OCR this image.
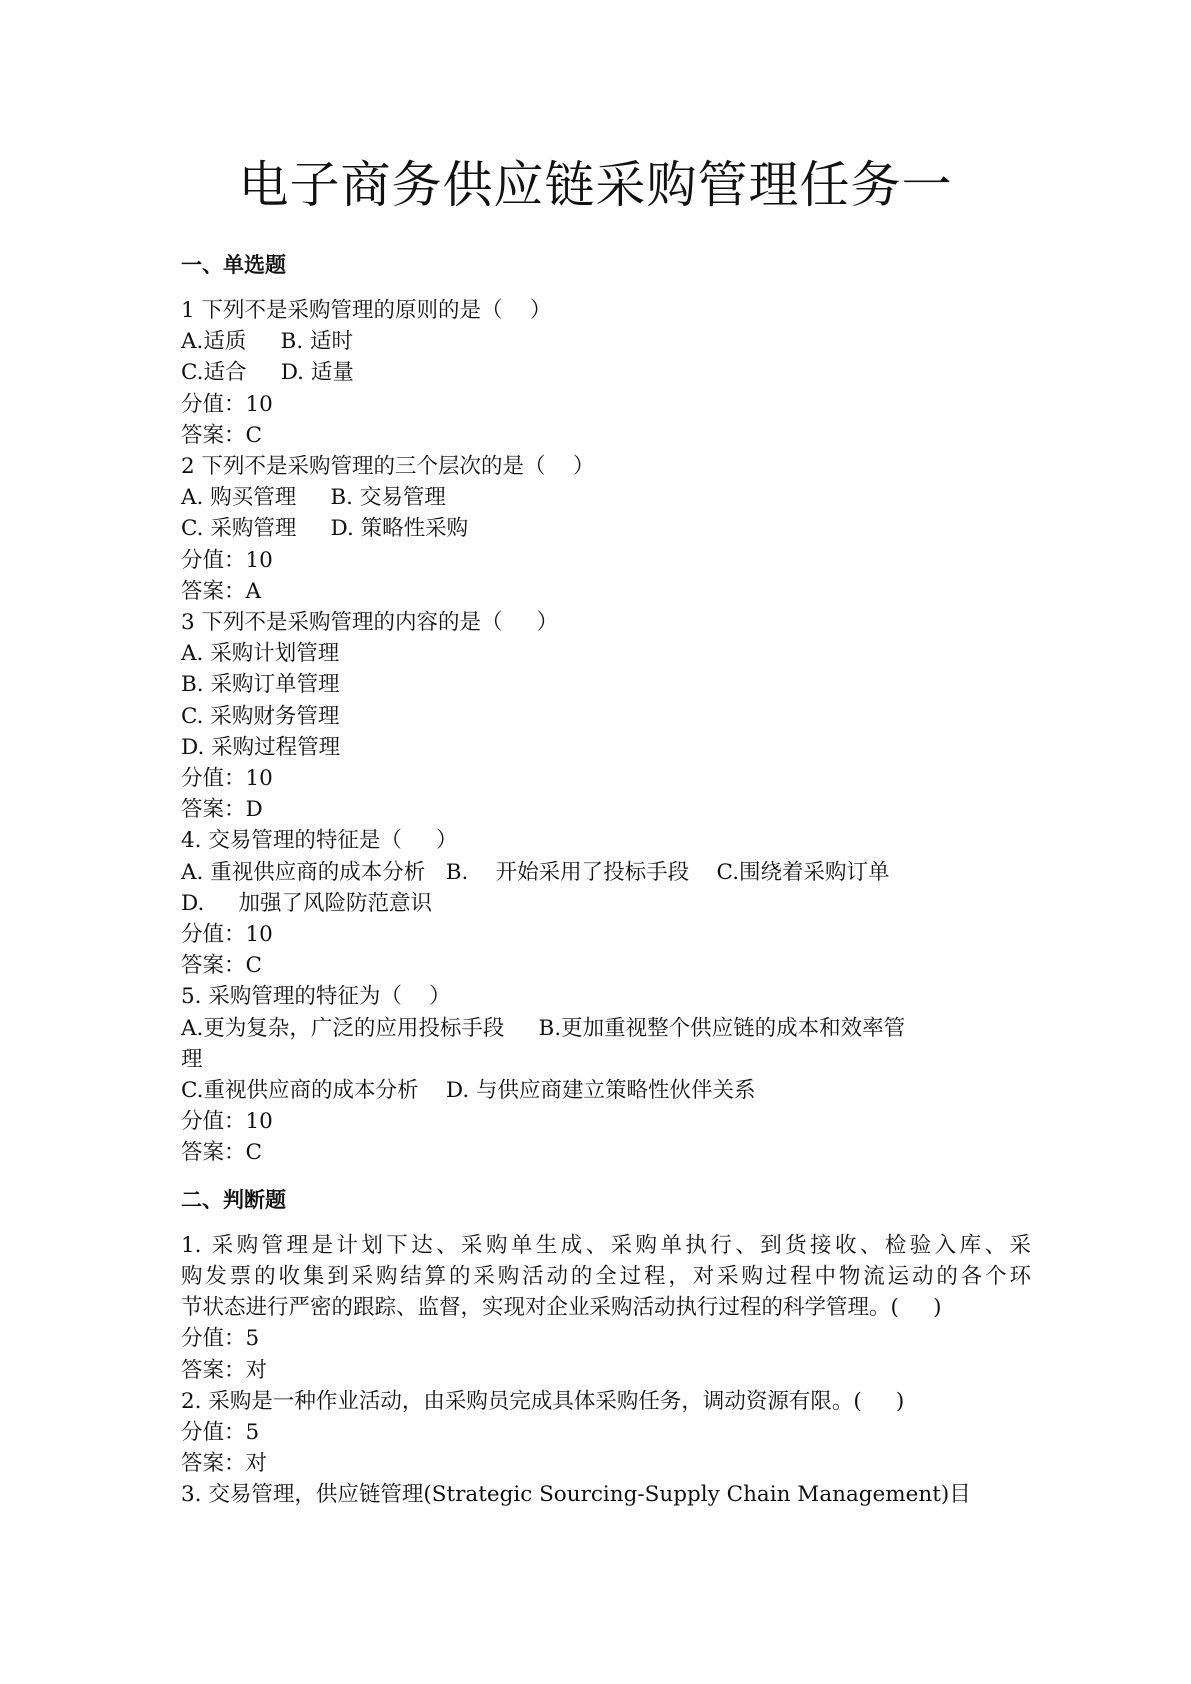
电子商务供应链采购管理任务一
一、单选题
1 下列不是采购管理的原则的是（    ）
A.适质     B. 适时
C.适合     D. 适量
分值：10
答案：C
2 下列不是采购管理的三个层次的是（    ）
A. 购买管理     B. 交易管理
C. 采购管理     D. 策略性采购
分值：10
答案：A
3 下列不是采购管理的内容的是（     ）
A. 采购计划管理
B. 采购订单管理
C. 采购财务管理
D. 采购过程管理
分值：10
答案：D
4. 交易管理的特征是（     ）
A. 重视供应商的成本分析   B.    开始采用了投标手段    C.围绕着采购订单
D.     加强了风险防范意识
分值：10
答案：C
5. 采购管理的特征为（    ）
A.更为复杂，广泛的应用投标手段     B.更加重视整个供应链的成本和效率管
理
C.重视供应商的成本分析    D. 与供应商建立策略性伙伴关系
分值：10
答案：C
二、判断题
1. 采购管理是计划下达、采购单生成、采购单执行、到货接收、检验入库、采
购发票的收集到采购结算的采购活动的全过程，对采购过程中物流运动的各个环
节状态进行严密的跟踪、监督，实现对企业采购活动执行过程的科学管理。(     )
分值：5
答案：对
2. 采购是一种作业活动，由采购员完成具体采购任务，调动资源有限。(     )
分值：5
答案：对
3. 交易管理，供应链管理(Strategic Sourcing-Supply Chain Management)目
